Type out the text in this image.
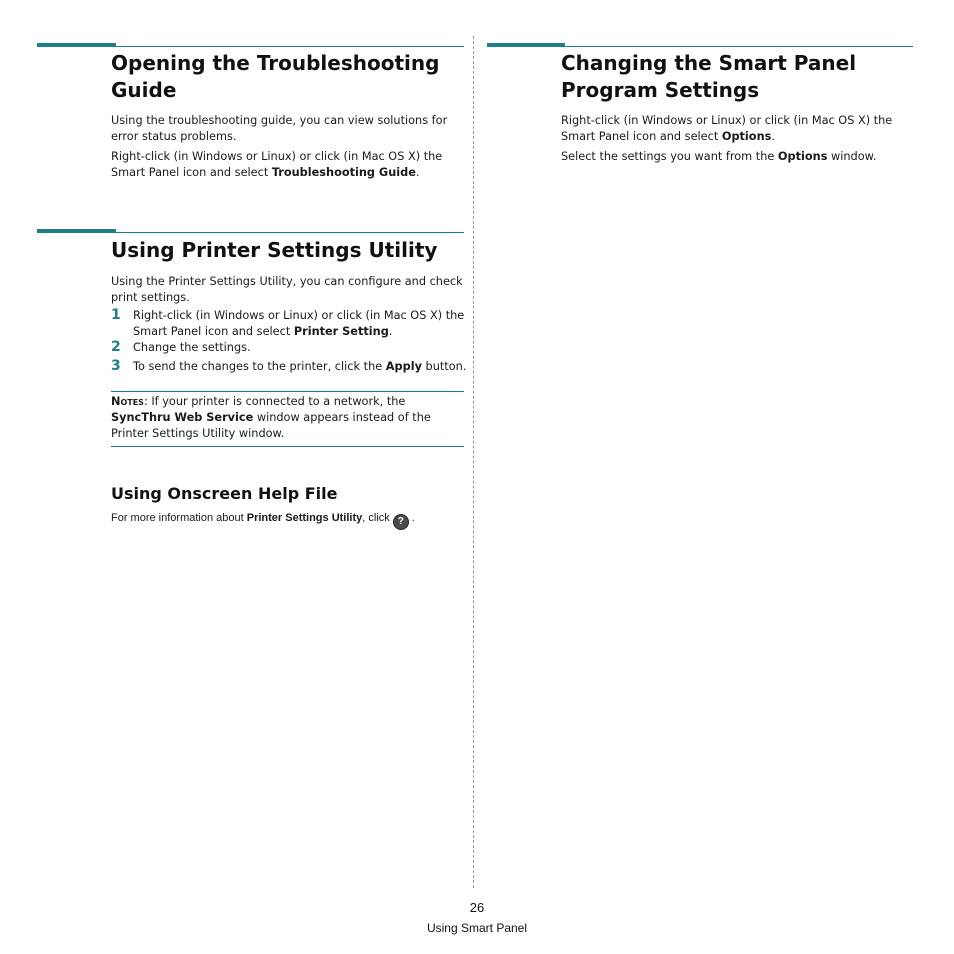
Opening the Troubleshooting
Guide

Using the troubleshooting guide, you can view solutions for
error status problems.

Right-click (in Windows or Linux) or click (in Mac OS X) the
Smart Panel icon and select Troubleshooting Guide.

Using Printer Settings Utility

Using the Printer Settings Utility, you can configure and check
print settings.

1 Right-click (in Windows or Linux) or click (in Mac OS X) the
Smart Panel icon and select Printer Setting.

2 Change the settings.

3 To send the changes to the printer, click the Apply button.

Notes: If your printer is connected to a network, the
SyncThru Web Service window appears instead of the
Printer Settings Utility window.

Using Onscreen Help File

For more information about Printer Settings Utility, click ? .

Changing the Smart Panel
Program Settings

Right-click (in Windows or Linux) or click (in Mac OS X) the
Smart Panel icon and select Options.

Select the settings you want from the Options window.

26
Using Smart Panel
